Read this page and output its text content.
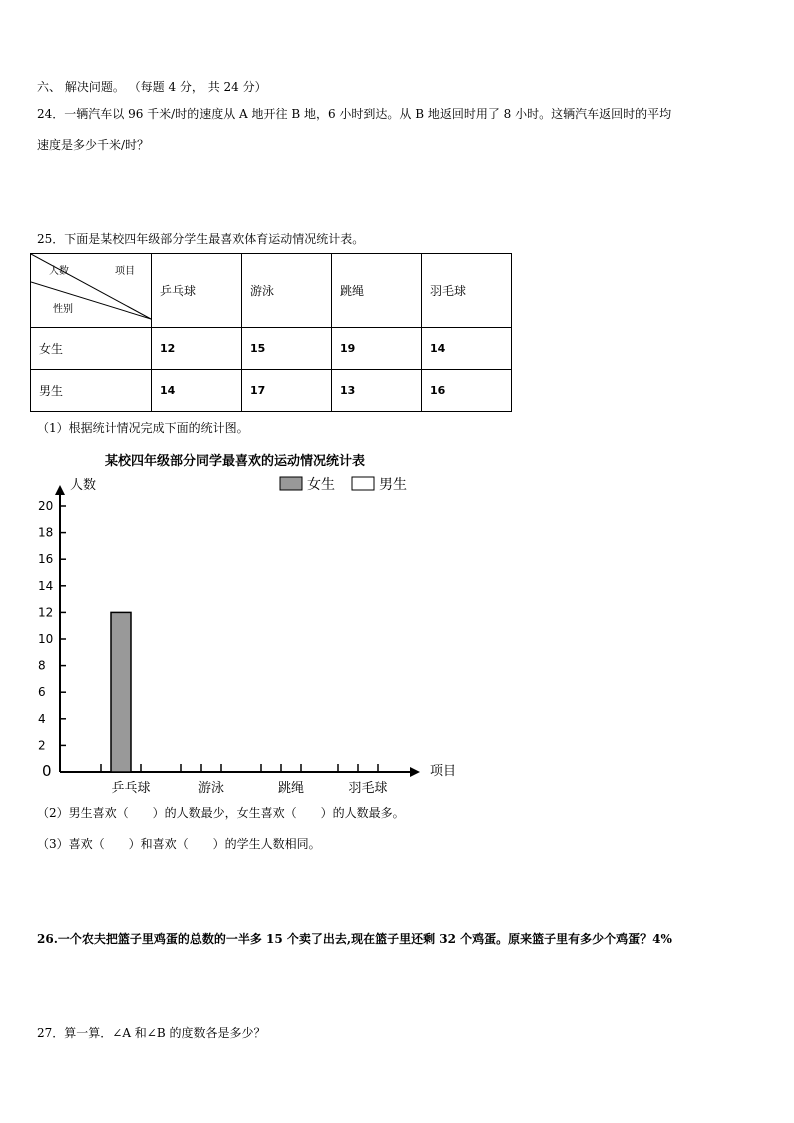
六、 解决问题。 （每题 4 分， 共 24 分）
24．一辆汽车以 96 千米/时的速度从 A 地开往 B 地，6 小时到达。从 B 地返回时用了 8 小时。这辆汽车返回时的平均
速度是多少千米/时？
25．下面是某校四年级部分学生最喜欢体育运动情况统计表。
人数 项目
性别	乒乓球	游泳	跳绳	羽毛球
女生	12	15	19	14
男生	14	17	13	16
（1）根据统计情况完成下面的统计图。
某校四年级部分同学最喜欢的运动情况统计表
人数
项目
0
2
4
6
8
10
12
14
16
18
20
乒乓球	游泳	跳绳	羽毛球
女生	男生
（2）男生喜欢（　　）的人数最少，女生喜欢（　　）的人数最多。
（3）喜欢（　　）和喜欢（　　）的学生人数相同。
26.一个农夫把篮子里鸡蛋的总数的一半多 15 个卖了出去,现在篮子里还剩 32 个鸡蛋。原来篮子里有多少个鸡蛋？4%
27．算一算．∠A 和∠B 的度数各是多少？
